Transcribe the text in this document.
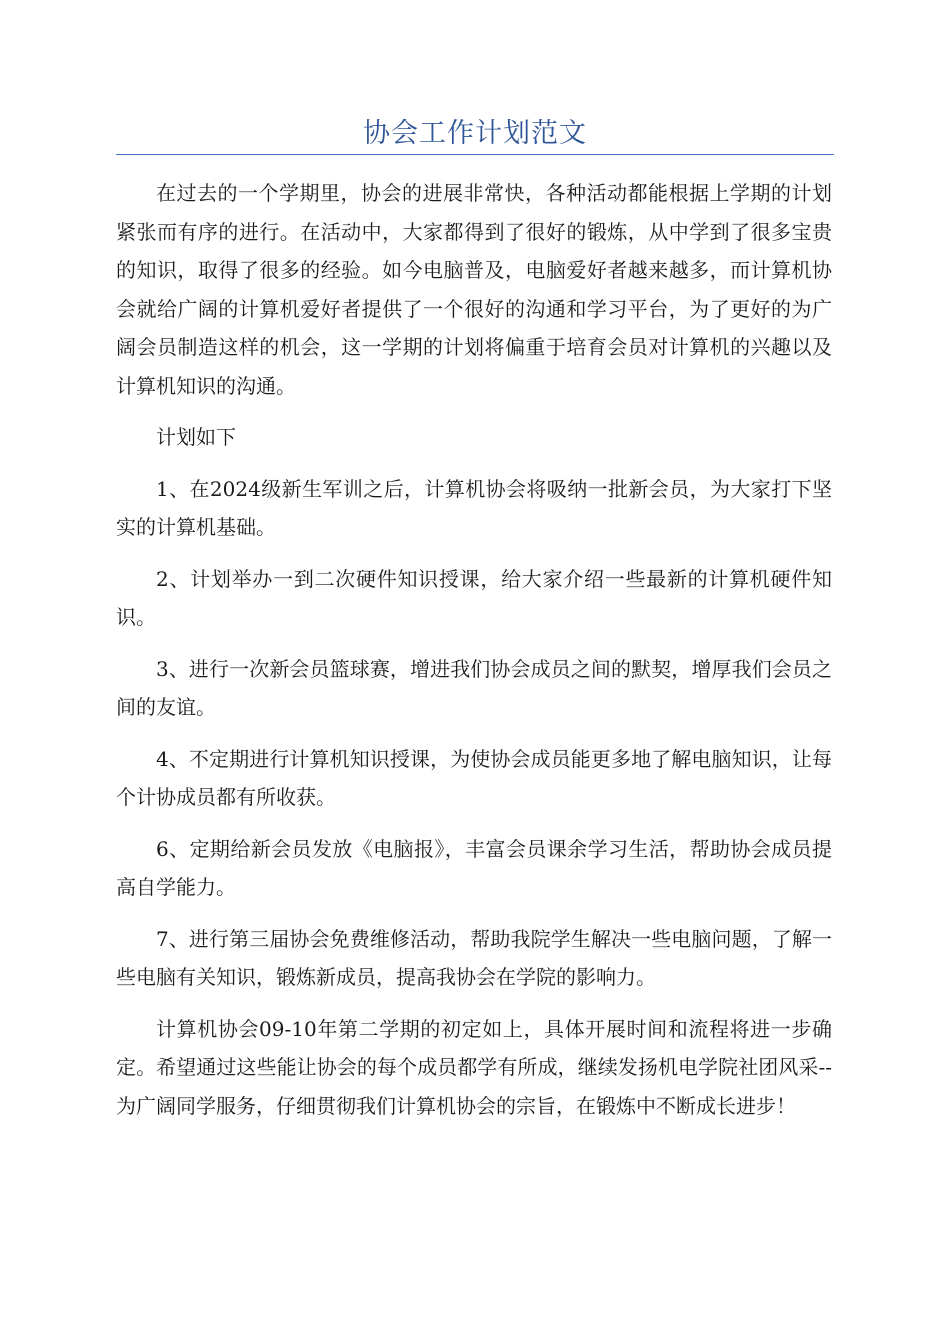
协会工作计划范文

在过去的一个学期里，协会的进展非常快，各种活动都能根据上学期的计划紧张而有序的进行。在活动中，大家都得到了很好的锻炼，从中学到了很多宝贵的知识，取得了很多的经验。如今电脑普及，电脑爱好者越来越多，而计算机协会就给广阔的计算机爱好者提供了一个很好的沟通和学习平台，为了更好的为广阔会员制造这样的机会，这一学期的计划将偏重于培育会员对计算机的兴趣以及计算机知识的沟通。

计划如下

1、在2024级新生军训之后，计算机协会将吸纳一批新会员，为大家打下坚实的计算机基础。

2、计划举办一到二次硬件知识授课，给大家介绍一些最新的计算机硬件知识。

3、进行一次新会员篮球赛，增进我们协会成员之间的默契，增厚我们会员之间的友谊。

4、不定期进行计算机知识授课，为使协会成员能更多地了解电脑知识，让每个计协成员都有所收获。

6、定期给新会员发放《电脑报》，丰富会员课余学习生活，帮助协会成员提高自学能力。

7、进行第三届协会免费维修活动，帮助我院学生解决一些电脑问题，了解一些电脑有关知识，锻炼新成员，提高我协会在学院的影响力。

计算机协会09-10年第二学期的初定如上，具体开展时间和流程将进一步确定。希望通过这些能让协会的每个成员都学有所成，继续发扬机电学院社团风采--为广阔同学服务，仔细贯彻我们计算机协会的宗旨，在锻炼中不断成长进步！
